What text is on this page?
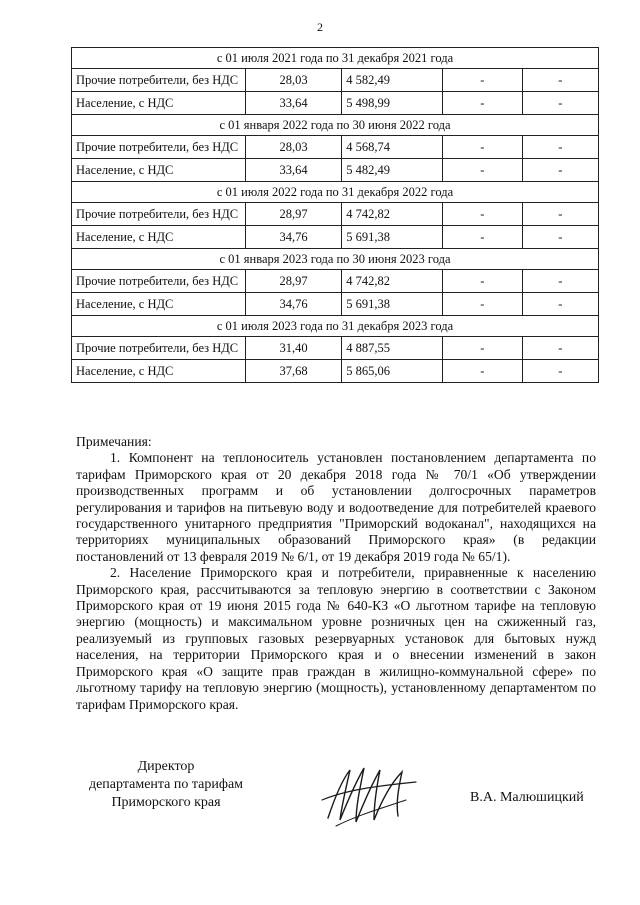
2
с 01 июля 2021 года по 31 декабря 2021 года				
Прочие потребители, без НДС	28,03	4 582,49	-	-
Население, с НДС	33,64	5 498,99	-	-
с 01 января 2022 года по 30 июня 2022 года				
Прочие потребители, без НДС	28,03	4 568,74	-	-
Население, с НДС	33,64	5 482,49	-	-
с 01 июля 2022 года по 31 декабря 2022 года				
Прочие потребители, без НДС	28,97	4 742,82	-	-
Население, с НДС	34,76	5 691,38	-	-
с 01 января 2023 года по 30 июня 2023 года				
Прочие потребители, без НДС	28,97	4 742,82	-	-
Население, с НДС	34,76	5 691,38	-	-
с 01 июля 2023 года по 31 декабря 2023 года				
Прочие потребители, без НДС	31,40	4 887,55	-	-
Население, с НДС	37,68	5 865,06	-	-
Примечания:

1. Компонент на теплоноситель установлен постановлением департамента по тарифам Приморского края от 20 декабря 2018 года № 70/1 «Об утверждении производственных программ и об установлении долгосрочных параметров регулирования и тарифов на питьевую воду и водоотведение для потребителей краевого государственного унитарного предприятия "Приморский водоканал", находящихся на территориях муниципальных образований Приморского края» (в редакции постановлений от 13 февраля 2019 № 6/1, от 19 декабря 2019 года № 65/1).

2. Население Приморского края и потребители, приравненные к населению Приморского края, рассчитываются за тепловую энергию в соответствии с Законом Приморского края от 19 июня 2015 года № 640-КЗ «О льготном тарифе на тепловую энергию (мощность) и максимальном уровне розничных цен на сжиженный газ, реализуемый из групповых газовых резервуарных установок для бытовых нужд населения, на территории Приморского края и о внесении изменений в закон Приморского края «О защите прав граждан в жилищно-коммунальной сфере» по льготному тарифу на тепловую энергию (мощность), установленному департаментом по тарифам Приморского края.

Директор
департамента по тарифам
Приморского края	В.А. Малюшицкий
